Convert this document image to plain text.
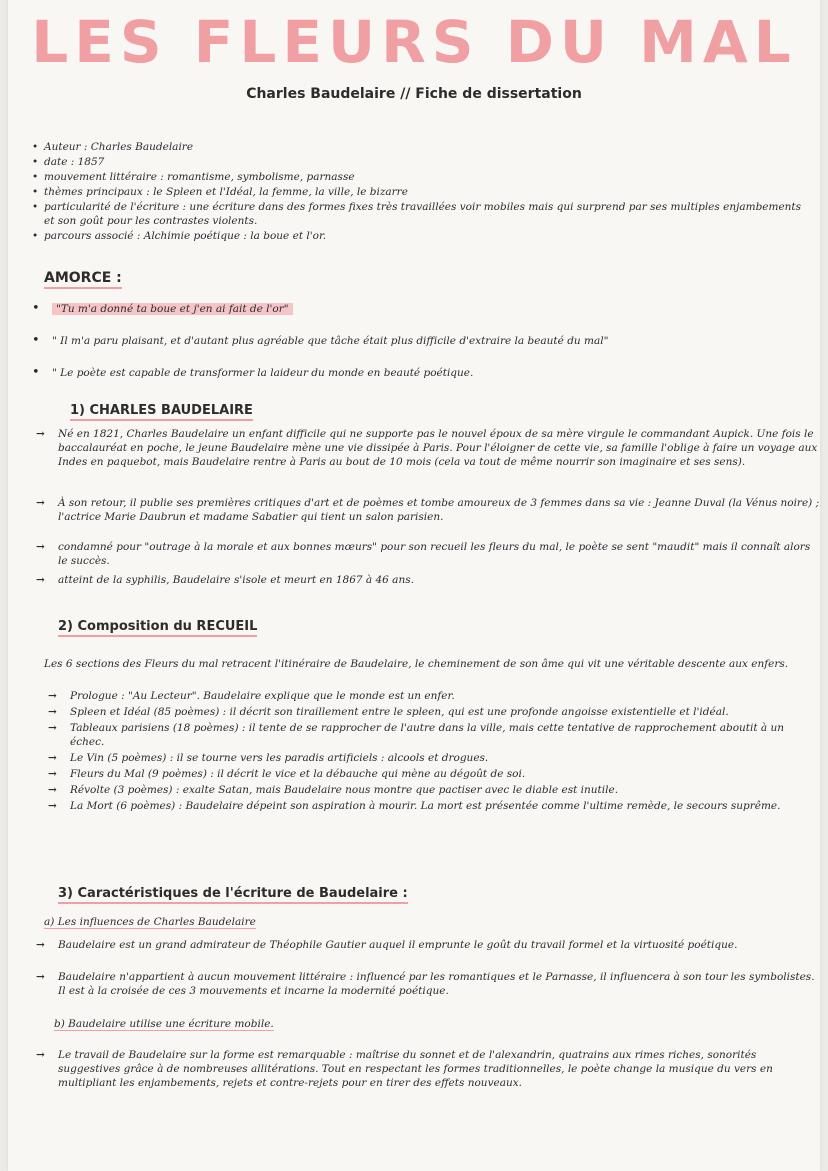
LES FLEURS DU MAL

Charles Baudelaire // Fiche de dissertation

• Auteur : Charles Baudelaire
• date : 1857
• mouvement littéraire : romantisme, symbolisme, parnasse
• thèmes principaux : le Spleen et l'Idéal, la femme, la ville, le bizarre
• particularité de l'écriture : une écriture dans des formes fixes très travaillées voir mobiles mais qui surprend par ses multiples enjambements et son goût pour les contrastes violents.
• parcours associé : Alchimie poétique : la boue et l'or.
AMORCE :
• "Tu m'a donné ta boue et j'en ai fait de l'or"
• " Il m'a paru plaisant, et d'autant plus agréable que tâche était plus difficile d'extraire la beauté du mal"
• " Le poète est capable de transformer la laideur du monde en beauté poétique.
1) CHARLES BAUDELAIRE
→ Né en 1821, Charles Baudelaire un enfant difficile qui ne supporte pas le nouvel époux de sa mère virgule le commandant Aupick. Une fois le baccalauréat en poche, le jeune Baudelaire mène une vie dissipée à Paris. Pour l'éloigner de cette vie, sa famille l'oblige à faire un voyage aux Indes en paquebot, mais Baudelaire rentre à Paris au bout de 10 mois (cela va tout de même nourrir son imaginaire et ses sens).
→ À son retour, il publie ses premières critiques d'art et de poèmes et tombe amoureux de 3 femmes dans sa vie : Jeanne Duval (la Vénus noire) ; l'actrice Marie Daubrun et madame Sabatier qui tient un salon parisien.
→ condamné pour "outrage à la morale et aux bonnes mœurs" pour son recueil les fleurs du mal, le poète se sent "maudit" mais il connaît alors le succès.
→ atteint de la syphilis, Baudelaire s'isole et meurt en 1867 à 46 ans.
2) Composition du RECUEIL

Les 6 sections des Fleurs du mal retracent l'itinéraire de Baudelaire, le cheminement de son âme qui vit une véritable descente aux enfers.

→ Prologue : "Au Lecteur". Baudelaire explique que le monde est un enfer.
→ Spleen et Idéal (85 poèmes) : il décrit son tiraillement entre le spleen, qui est une profonde angoisse existentielle et l'idéal.
→ Tableaux parisiens (18 poèmes) : il tente de se rapprocher de l'autre dans la ville, mais cette tentative de rapprochement aboutit à un échec.
→ Le Vin (5 poèmes) : il se tourne vers les paradis artificiels : alcools et drogues.
→ Fleurs du Mal (9 poèmes) : il décrit le vice et la débauche qui mène au dégoût de soi.
→ Révolte (3 poèmes) : exalte Satan, mais Baudelaire nous montre que pactiser avec le diable est inutile.
→ La Mort (6 poèmes) : Baudelaire dépeint son aspiration à mourir. La mort est présentée comme l'ultime remède, le secours suprême.
3) Caractéristiques de l'écriture de Baudelaire :

a) Les influences de Charles Baudelaire

→ Baudelaire est un grand admirateur de Théophile Gautier auquel il emprunte le goût du travail formel et la virtuosité poétique.
→ Baudelaire n'appartient à aucun mouvement littéraire : influencé par les romantiques et le Parnasse, il influencera à son tour les symbolistes. Il est à la croisée de ces 3 mouvements et incarne la modernité poétique.

b) Baudelaire utilise une écriture mobile.

→ Le travail de Baudelaire sur la forme est remarquable : maîtrise du sonnet et de l'alexandrin, quatrains aux rimes riches, sonorités suggestives grâce à de nombreuses allitérations. Tout en respectant les formes traditionnelles, le poète change la musique du vers en multipliant les enjambements, rejets et contre-rejets pour en tirer des effets nouveaux.
